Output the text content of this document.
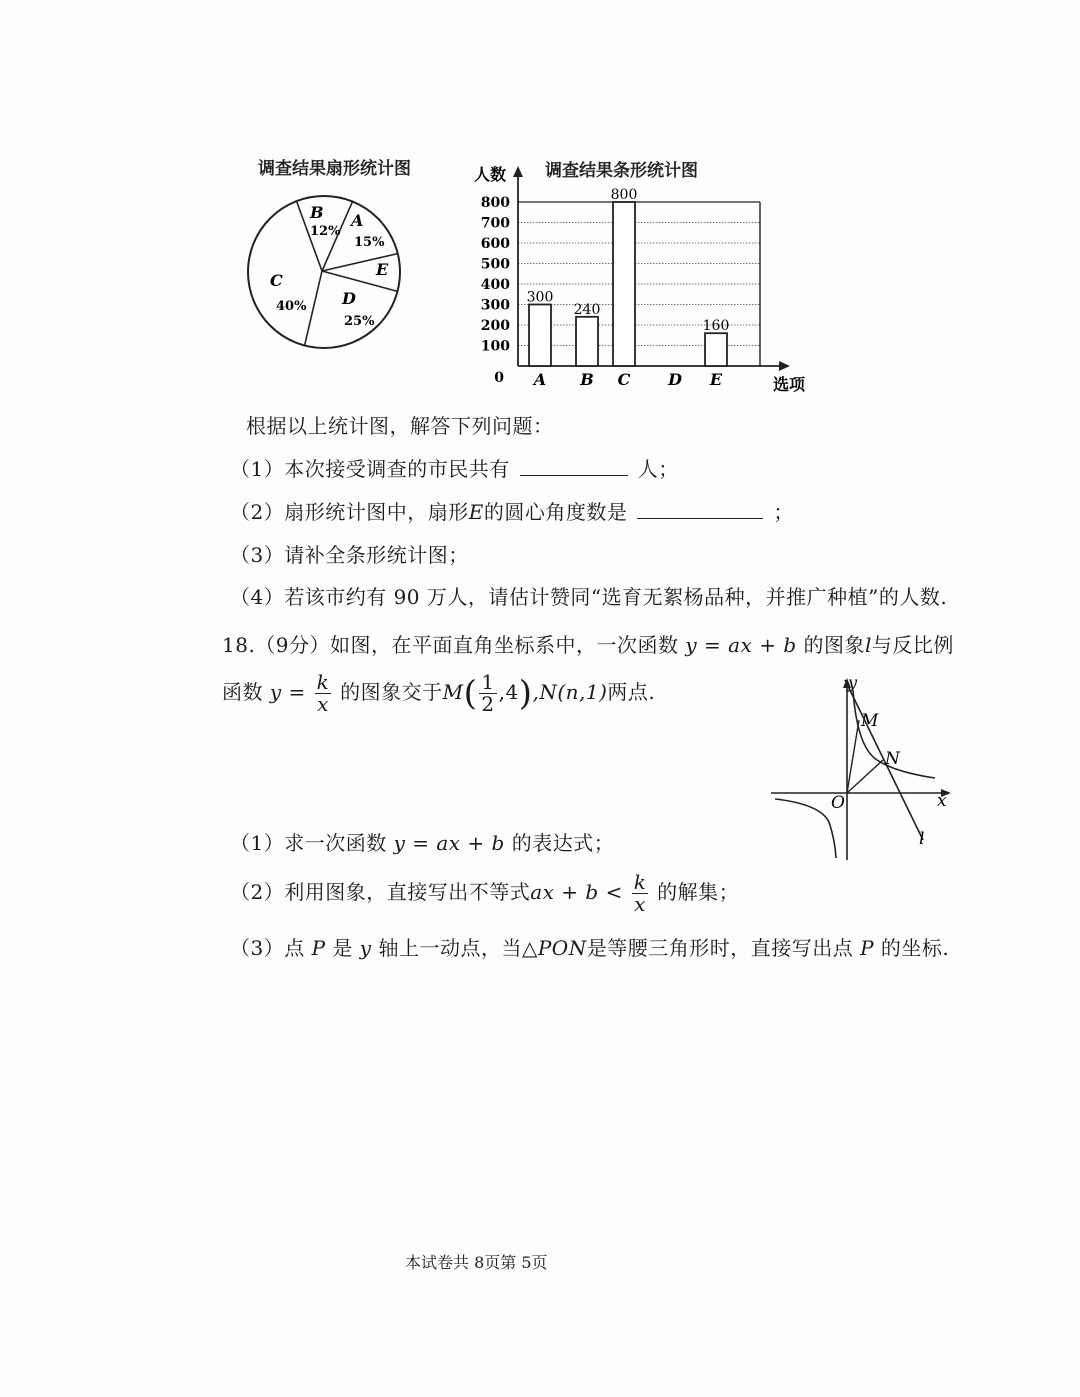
调查结果扇形统计图	调查结果条形统计图
A
15%
E
D
25%
C
40%
B
12%
人数
0
100
200
300
400
500
600
700
800
300
A
240
B
800
C D
160
E	选项
根据以上统计图，解答下列问题：
（1）本次接受调查的市民共有	人；
（2）扇形统计图中，扇形E的圆心角度数是	；
（3）请补全条形统计图；
（4）若该市约有 90 万人，请估计赞同“选育无絮杨品种，并推广种植”的人数.
18.（9分）如图，在平面直角坐标系中，一次函数 y = ax + b 的图象l与反比例
函数 $y = \frac{k}{x}$ 的图象交于$M( \frac{1}{2} ,4),N(n,1)$两点.	y
x
O
M
N
l
（1）求一次函数 y = ax + b 的表达式；
（2）利用图象，直接写出不等式ax + $b < \frac{k}{x}$ 的解集；
（3）点 P 是 y 轴上一动点，当△PON是等腰三角形时，直接写出点 P 的坐标.
本试卷共 8页第 5页
